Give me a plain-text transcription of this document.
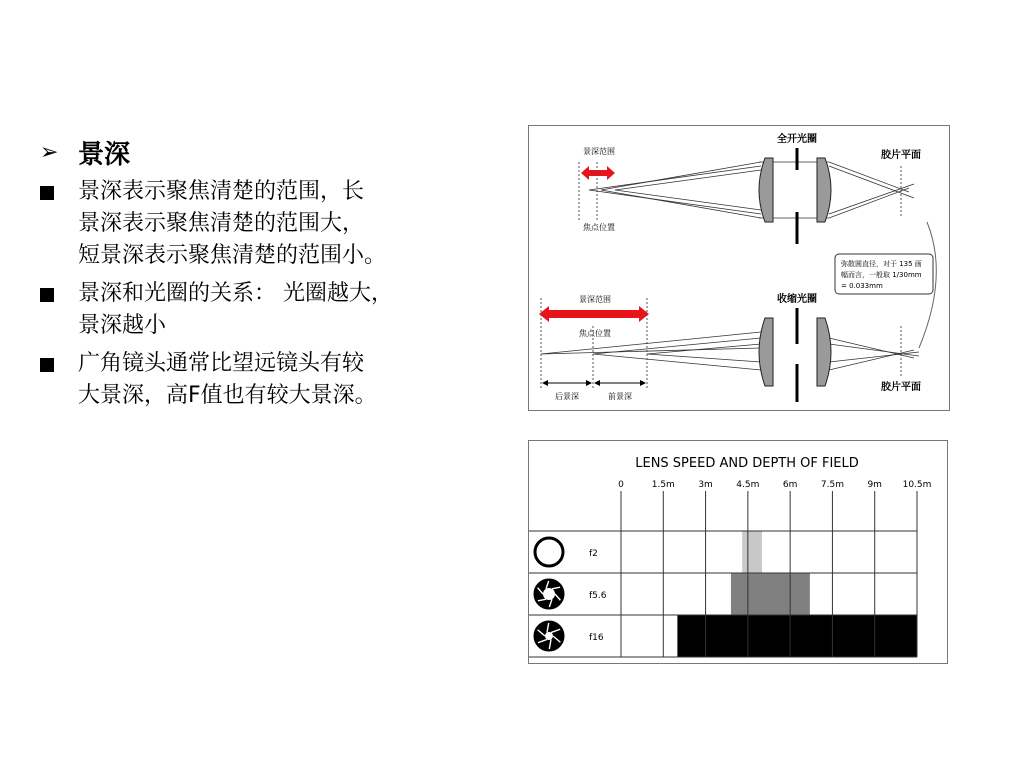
➢ 景深
景深表示聚焦清楚的范围，长
景深表示聚焦清楚的范围大，
短景深表示聚焦清楚的范围小。
景深和光圈的关系： 光圈越大，
景深越小
广角镜头通常比望远镜头有较
大景深，高F值也有较大景深。
全开光圈
胶片平面
景深范围
焦点位置
弥散圆直径，对于 135 画
幅而言，一般取 1/30mm
= 0.033mm
收缩光圈
胶片平面
景深范围
焦点位置
后景深	前景深
LENS SPEED AND DEPTH OF FIELD
0	1.5m	3m	4.5m	6m	7.5m	9m 10.5m
f2
f5.6
f16
